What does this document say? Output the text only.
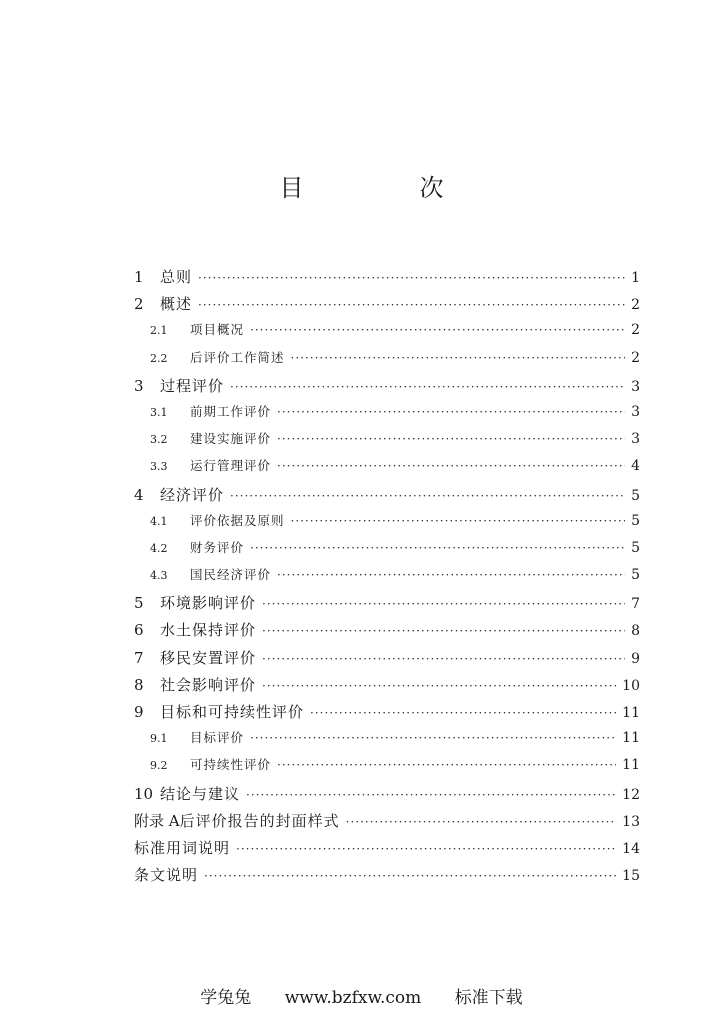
目　次
1	总则 ·····	1
2	概述 ·····	2
2.1	项目概况 ·····	2
2.2	后评价工作简述 ·····	2
3	过程评价 ·····	3
3.1	前期工作评价 ·····	3
3.2	建设实施评价 ·····	3
3.3	运行管理评价 ·····	4
4	经济评价 ·····	5
4.1	评价依据及原则 ·····	5
4.2	财务评价 ·····	5
4.3	国民经济评价 ·····	5
5	环境影响评价 ·····	7
6	水土保持评价 ·····	8
7	移民安置评价 ·····	9
8	社会影响评价 ·····	10
9	目标和可持续性评价 ·····	11
9.1	目标评价 ·····	11
9.2	可持续性评价 ·····	11
10 结论与建议 ·····	12
附录 A 后评价报告的封面样式 ·····	13
标准用词说明 ·····	14
条文说明 ·····	15
学兔兔 www.bzfxw.com 标准下载
